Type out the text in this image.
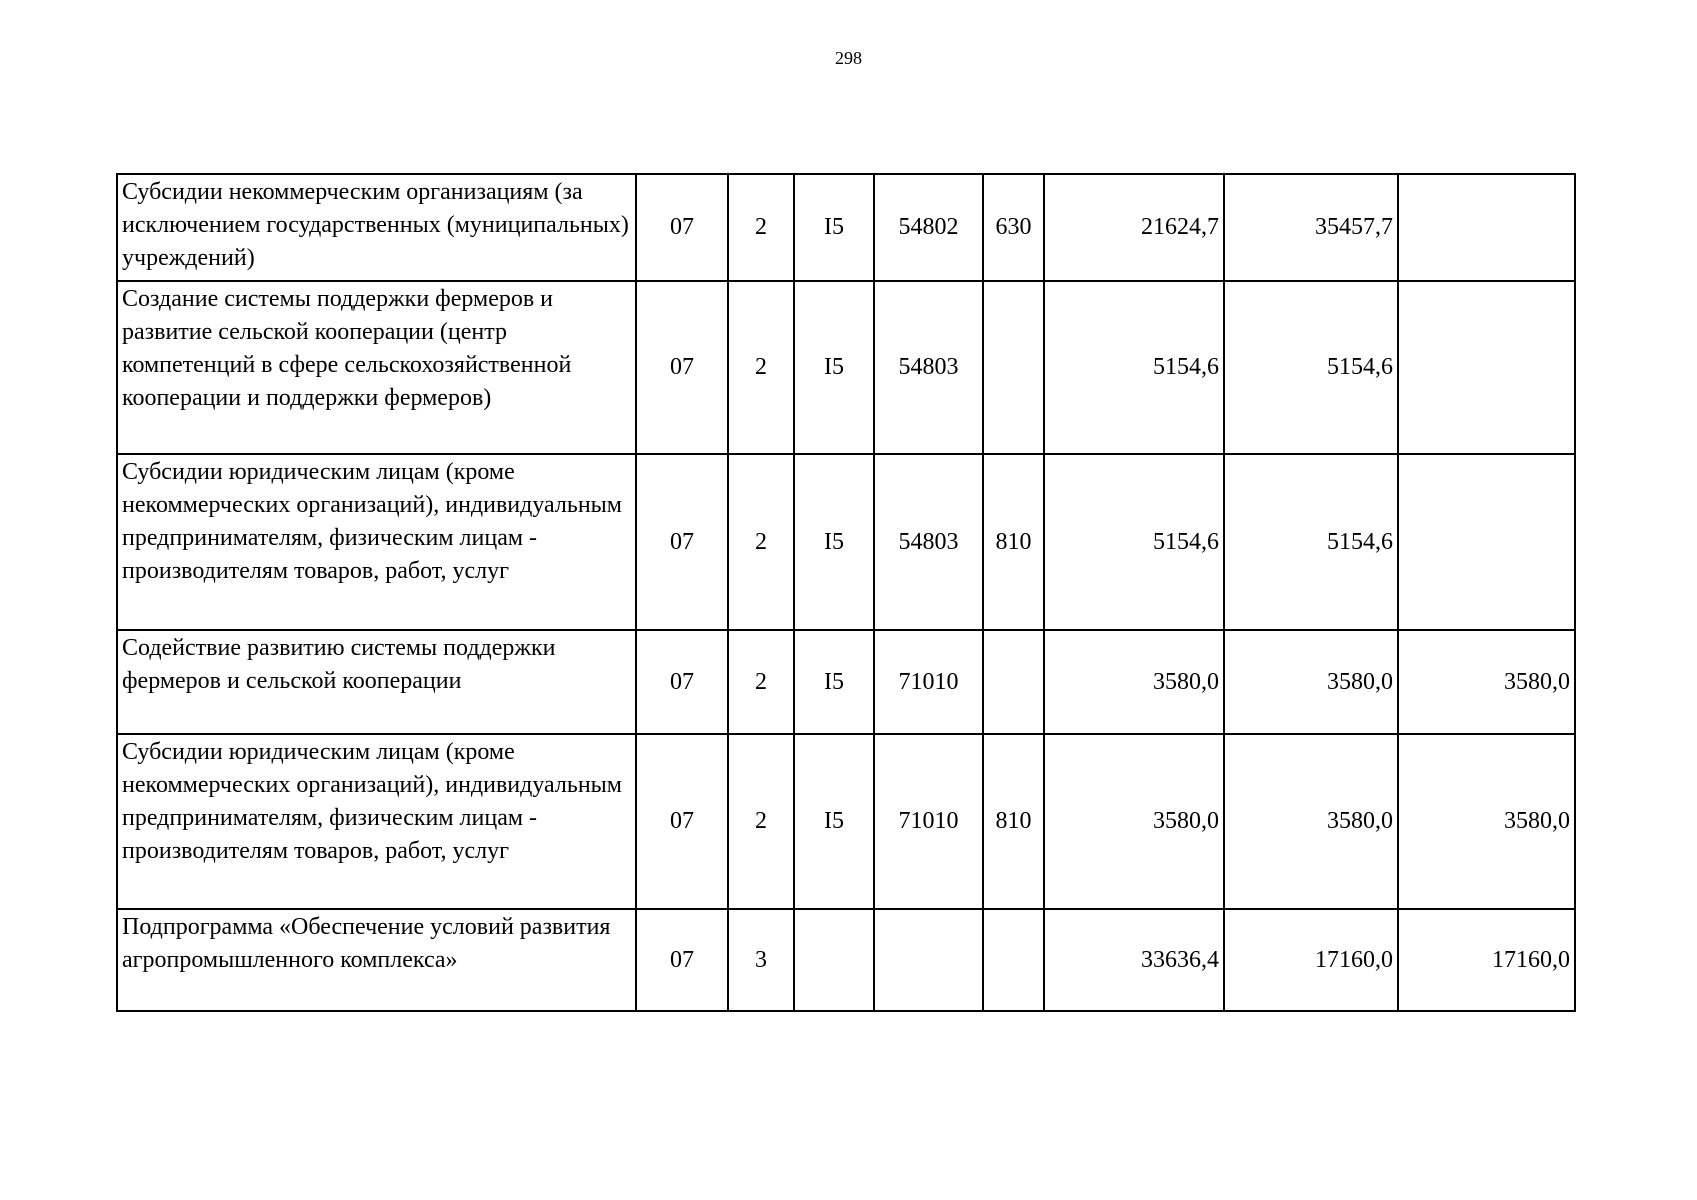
298
Субсидии некоммерческим организациям (за исключением государственных (муниципальных) учреждений)	07	2	I5	54802	630	21624,7	35457,7	
Создание системы поддержки фермеров и развитие сельской кооперации (центр компетенций в сфере сельскохозяйственной кооперации и поддержки фермеров)	07	2	I5	54803		5154,6	5154,6	
Субсидии юридическим лицам (кроме некоммерческих организаций), индивидуальным предпринимателям, физическим лицам - производителям товаров, работ, услуг	07	2	I5	54803	810	5154,6	5154,6	
Содействие развитию системы поддержки фермеров и сельской кооперации	07	2	I5	71010		3580,0	3580,0	3580,0
Субсидии юридическим лицам (кроме некоммерческих организаций), индивидуальным предпринимателям, физическим лицам - производителям товаров, работ, услуг	07	2	I5	71010	810	3580,0	3580,0	3580,0
Подпрограмма «Обеспечение условий развития агропромышленного комплекса»	07	3				33636,4	17160,0	17160,0
